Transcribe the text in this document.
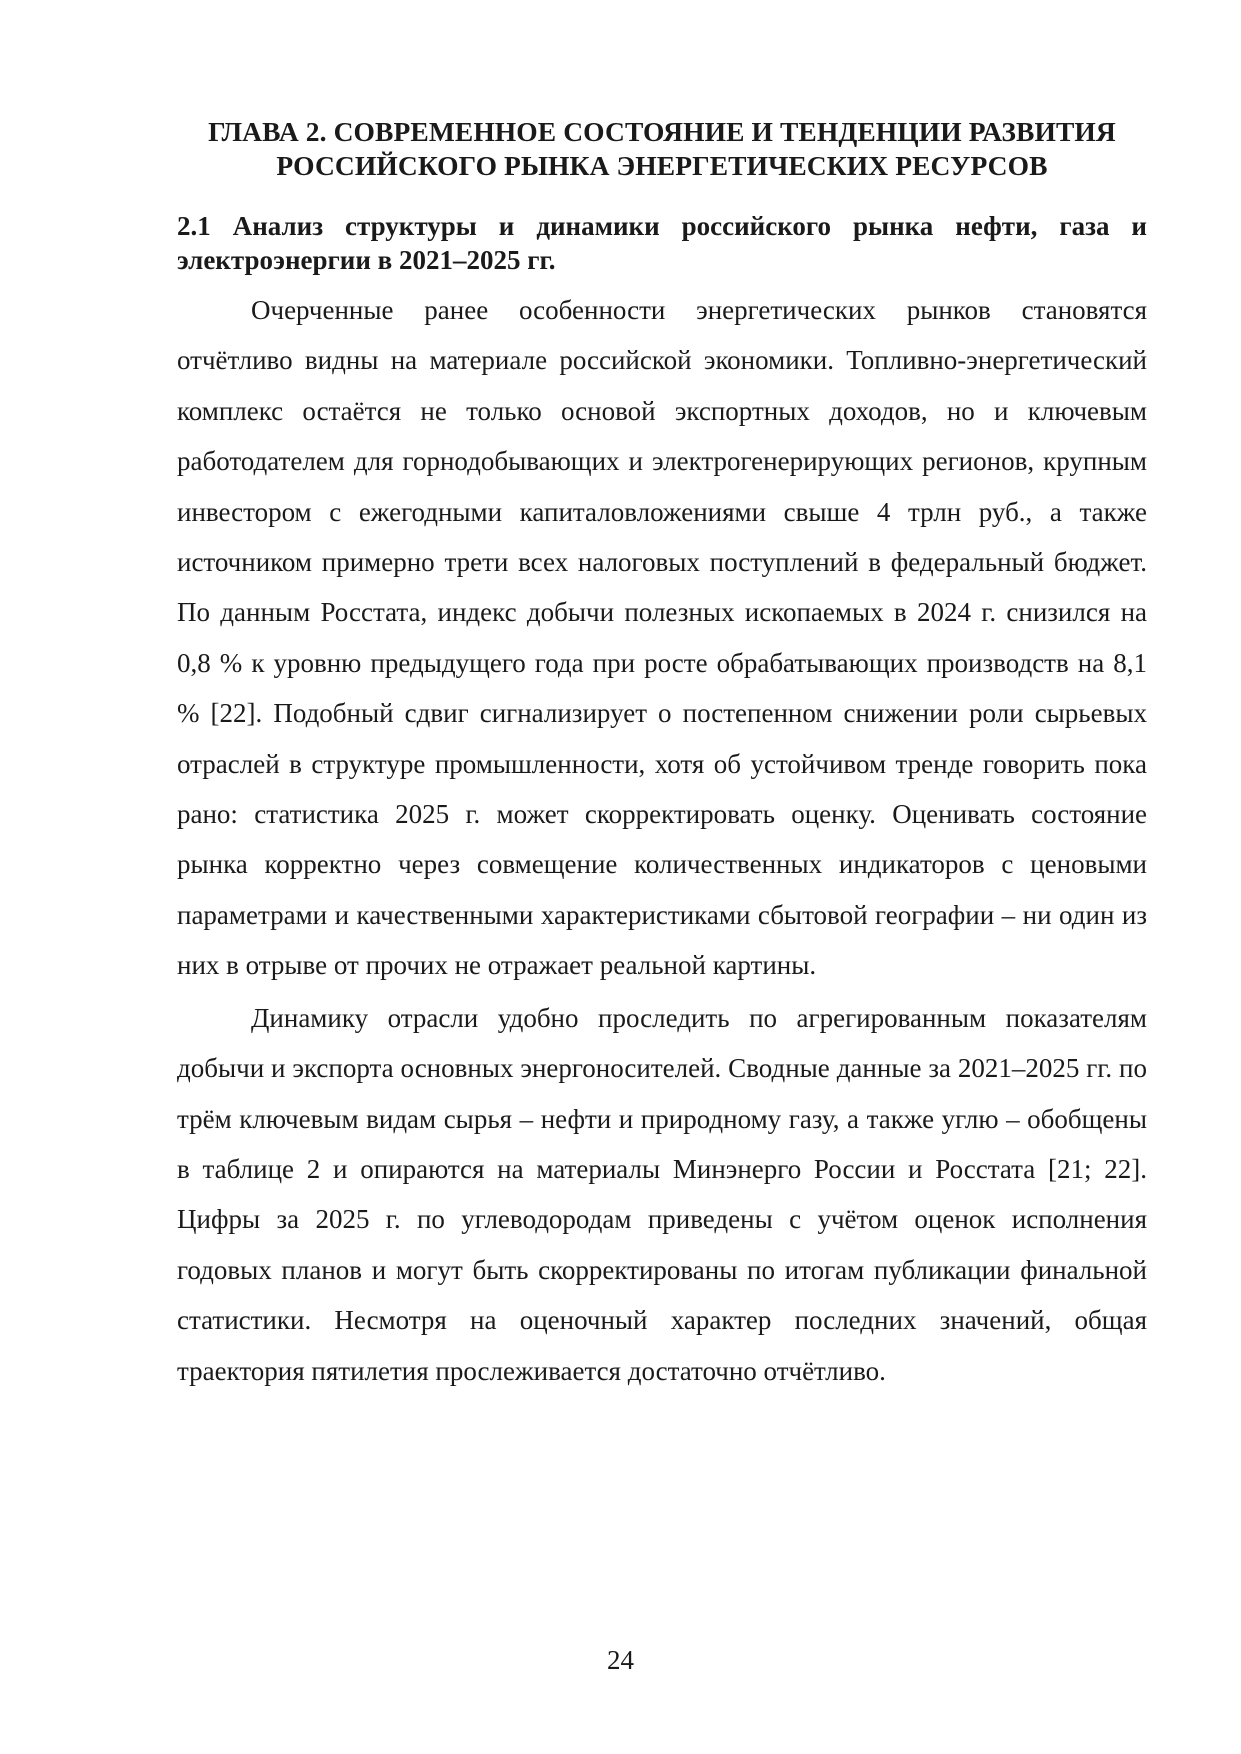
ГЛАВА 2. СОВРЕМЕННОЕ СОСТОЯНИЕ И ТЕНДЕНЦИИ РАЗВИТИЯ РОССИЙСКОГО РЫНКА ЭНЕРГЕТИЧЕСКИХ РЕСУРСОВ
2.1 Анализ структуры и динамики российского рынка нефти, газа и электроэнергии в 2021–2025 гг.

Очерченные ранее особенности энергетических рынков становятся отчётливо видны на материале российской экономики. Топливно-энергетический комплекс остаётся не только основой экспортных доходов, но и ключевым работодателем для горнодобывающих и электрогенерирующих регионов, крупным инвестором с ежегодными капиталовложениями свыше 4 трлн руб., а также источником примерно трети всех налоговых поступлений в федеральный бюджет. По данным Росстата, индекс добычи полезных ископаемых в 2024 г. снизился на 0,8 % к уровню предыдущего года при росте обрабатывающих производств на 8,1 % [22]. Подобный сдвиг сигнализирует о постепенном снижении роли сырьевых отраслей в структуре промышленности, хотя об устойчивом тренде говорить пока рано: статистика 2025 г. может скорректировать оценку. Оценивать состояние рынка корректно через совмещение количественных индикаторов с ценовыми параметрами и качественными характеристиками сбытовой географии – ни один из них в отрыве от прочих не отражает реальной картины.

Динамику отрасли удобно проследить по агрегированным показателям добычи и экспорта основных энергоносителей. Сводные данные за 2021–2025 гг. по трём ключевым видам сырья – нефти и природному газу, а также углю – обобщены в таблице 2 и опираются на материалы Минэнерго России и Росстата [21; 22]. Цифры за 2025 г. по углеводородам приведены с учётом оценок исполнения годовых планов и могут быть скорректированы по итогам публикации финальной статистики. Несмотря на оценочный характер последних значений, общая траектория пятилетия прослеживается достаточно отчётливо.

24
